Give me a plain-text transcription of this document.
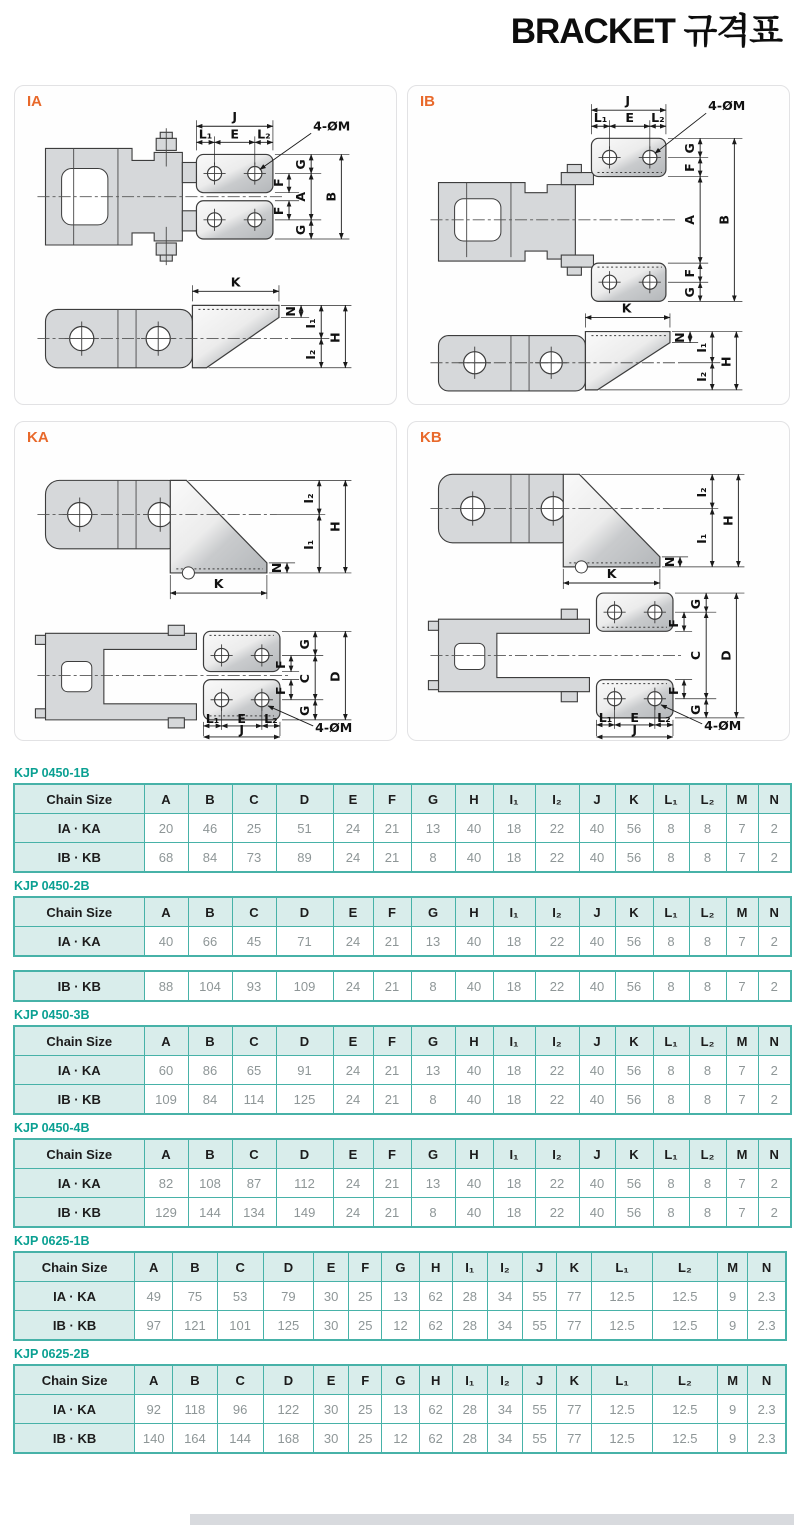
BRACKET 규격표
IA
J
L₁ E L₂
4-ØM
F
F
G
A
G
B
K
N
I₁
I₂
H
IB	J
L₁ E L₂
4-ØM
G
F
A
F
G
B
K
N
I₁
I₂
H
KA
K
N
I₂
I₁
H
F
G
C
F
G
D
L₁ E L₂
J	4-ØM
KB
K
N
I₂
I₁
H
G
F
C
F
G
D
L₁ E L₂
J	4-ØM
KJP 0450-1B
Chain Size	A	B	C	D	E	F	G	H	I₁	I₂	J	K	L₁	L₂	M	N
IA · KA	20	46	25	51	24	21	13	40	18	22	40	56	8	8	7	2
IB · KB	68	84	73	89	24	21	8	40	18	22	40	56	8	8	7	2
KJP 0450-2B
Chain Size	A	B	C	D	E	F	G	H	I₁	I₂	J	K	L₁	L₂	M	N
IA · KA	40	66	45	71	24	21	13	40	18	22	40	56	8	8	7	2
IB · KB	88	104	93	109	24	21	8	40	18	22	40	56	8	8	7	2
KJP 0450-3B
Chain Size	A	B	C	D	E	F	G	H	I₁	I₂	J	K	L₁	L₂	M	N
IA · KA	60	86	65	91	24	21	13	40	18	22	40	56	8	8	7	2
IB · KB	109	84	114	125	24	21	8	40	18	22	40	56	8	8	7	2
KJP 0450-4B
Chain Size	A	B	C	D	E	F	G	H	I₁	I₂	J	K	L₁	L₂	M	N
IA · KA	82	108	87	112	24	21	13	40	18	22	40	56	8	8	7	2
IB · KB	129	144	134	149	24	21	8	40	18	22	40	56	8	8	7	2
KJP 0625-1B
Chain Size	A	B	C	D	E	F	G	H	I₁	I₂	J	K	L₁	L₂	M	N
IA · KA	49	75	53	79	30	25	13	62	28	34	55	77	12.5	12.5	9	2.3
IB · KB	97	121	101	125	30	25	12	62	28	34	55	77	12.5	12.5	9	2.3
KJP 0625-2B
Chain Size	A	B	C	D	E	F	G	H	I₁	I₂	J	K	L₁	L₂	M	N
IA · KA	92	118	96	122	30	25	13	62	28	34	55	77	12.5	12.5	9	2.3
IB · KB	140	164	144	168	30	25	12	62	28	34	55	77	12.5	12.5	9	2.3
